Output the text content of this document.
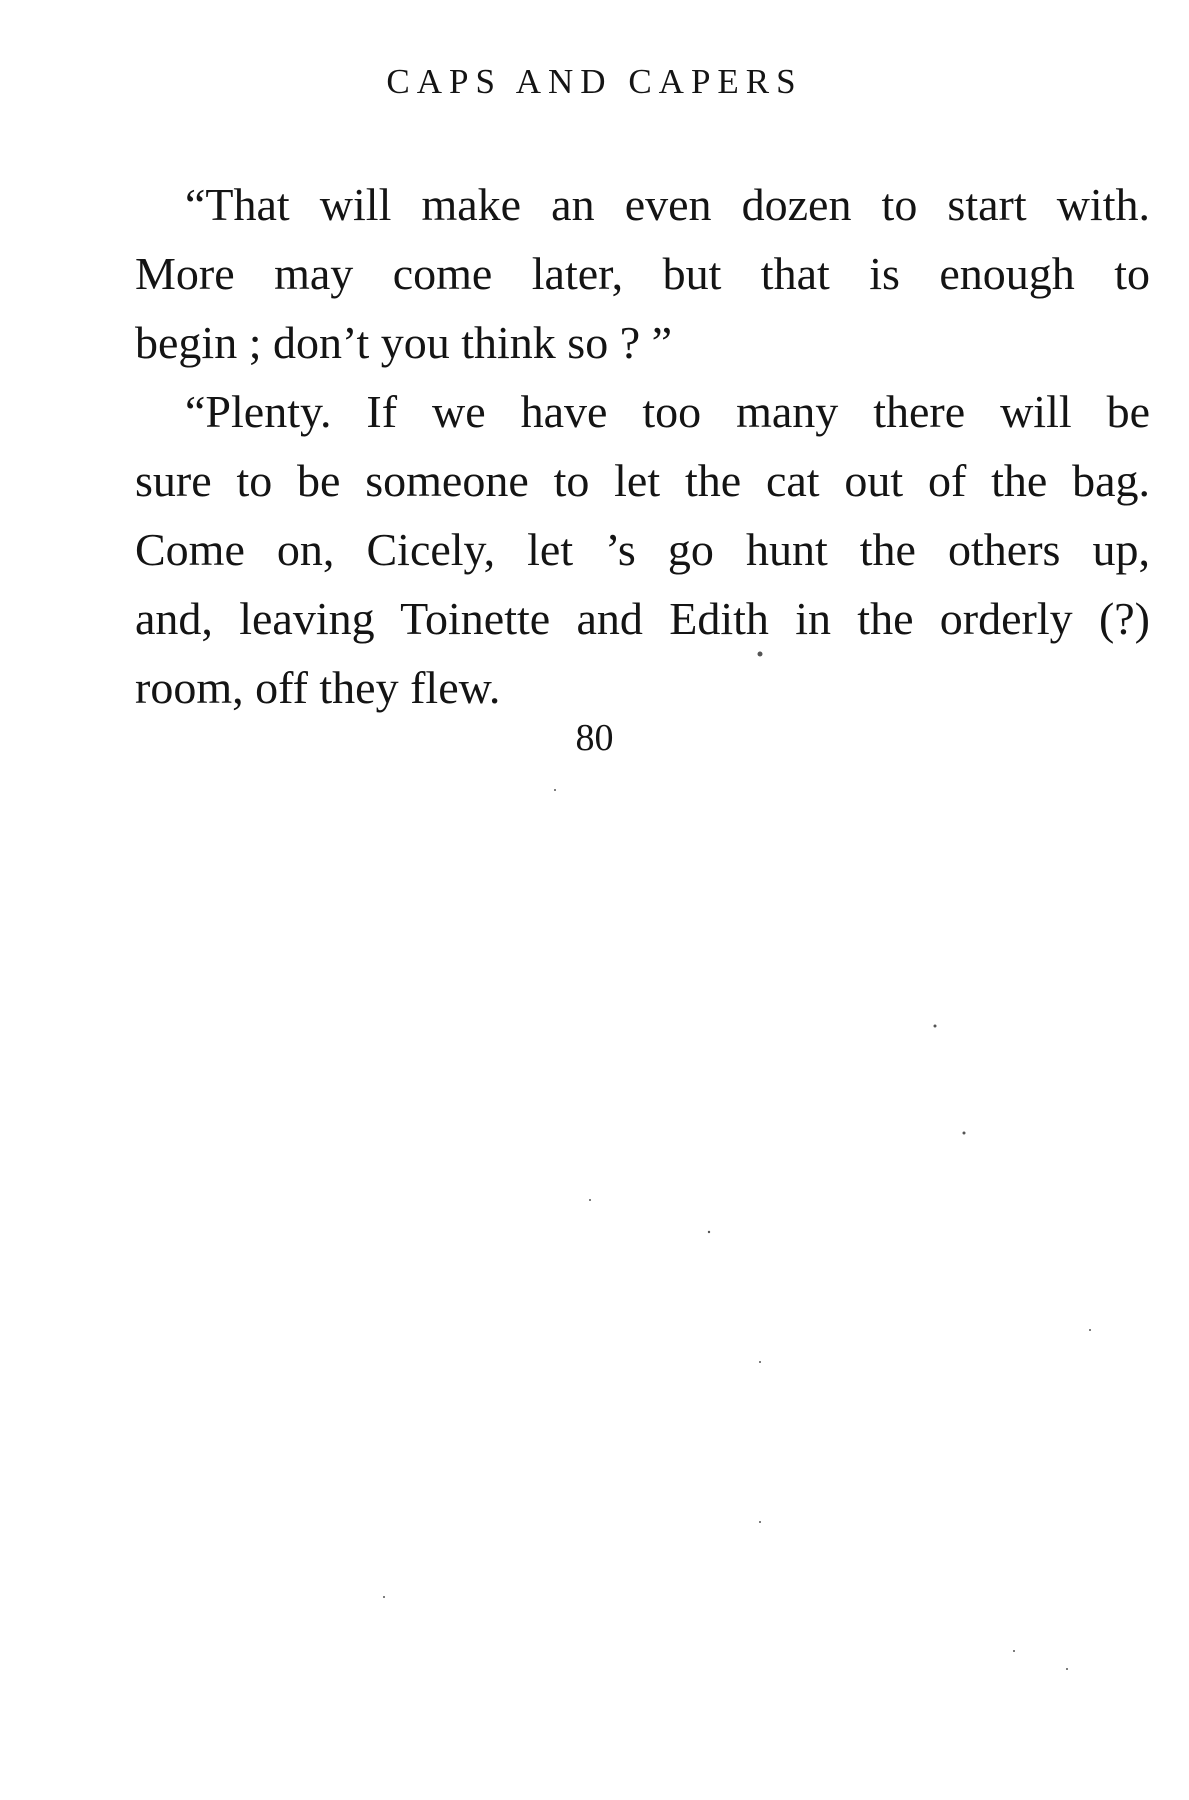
CAPS AND CAPERS
“That will make an even dozen to start with.
More may come later, but that is enough to
begin ; don’t you think so ? ”
“Plenty. If we have too many there will be
sure to be someone to let the cat out of the bag.
Come on, Cicely, let ’s go hunt the others up,
and, leaving Toinette and Edith in the orderly (?)
room, off they flew.
80
